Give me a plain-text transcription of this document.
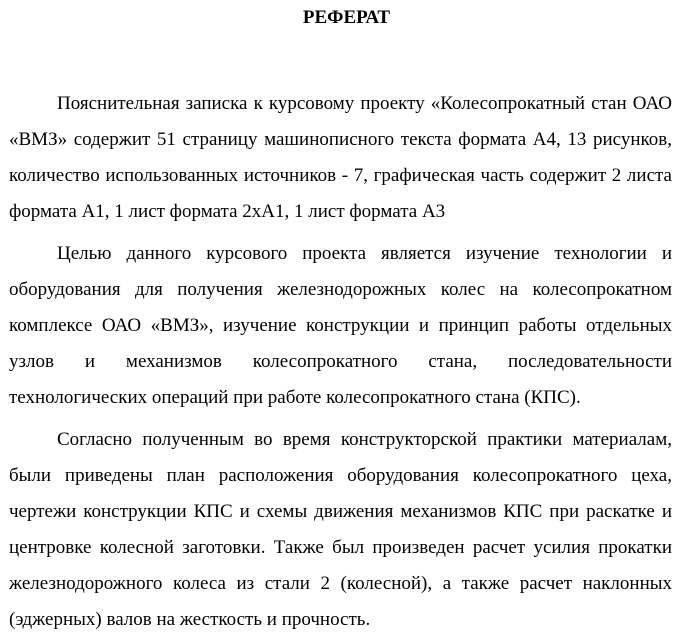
РЕФЕРАТ

Пояснительная записка к курсовому проекту «Колесопрокатный стан ОАО «ВМЗ» содержит 51 страницу машинописного текста формата А4, 13 рисунков, количество использованных источников - 7, графическая часть содержит 2 листа формата А1, 1 лист формата 2хА1, 1 лист формата А3

Целью данного курсового проекта является изучение технологии и оборудования для получения железнодорожных колес на колесопрокатном комплексе ОАО «ВМЗ», изучение конструкции и принцип работы отдельных узлов и механизмов колесопрокатного стана, последовательности технологических операций при работе колесопрокатного стана (КПС).

Согласно полученным во время конструкторской практики материалам, были приведены план расположения оборудования колесопрокатного цеха, чертежи конструкции КПС и схемы движения механизмов КПС при раскатке и центровке колесной заготовки. Также был произведен расчет усилия прокатки железнодорожного колеса из стали 2 (колесной), а также расчет наклонных (эджерных) валов на жесткость и прочность.
